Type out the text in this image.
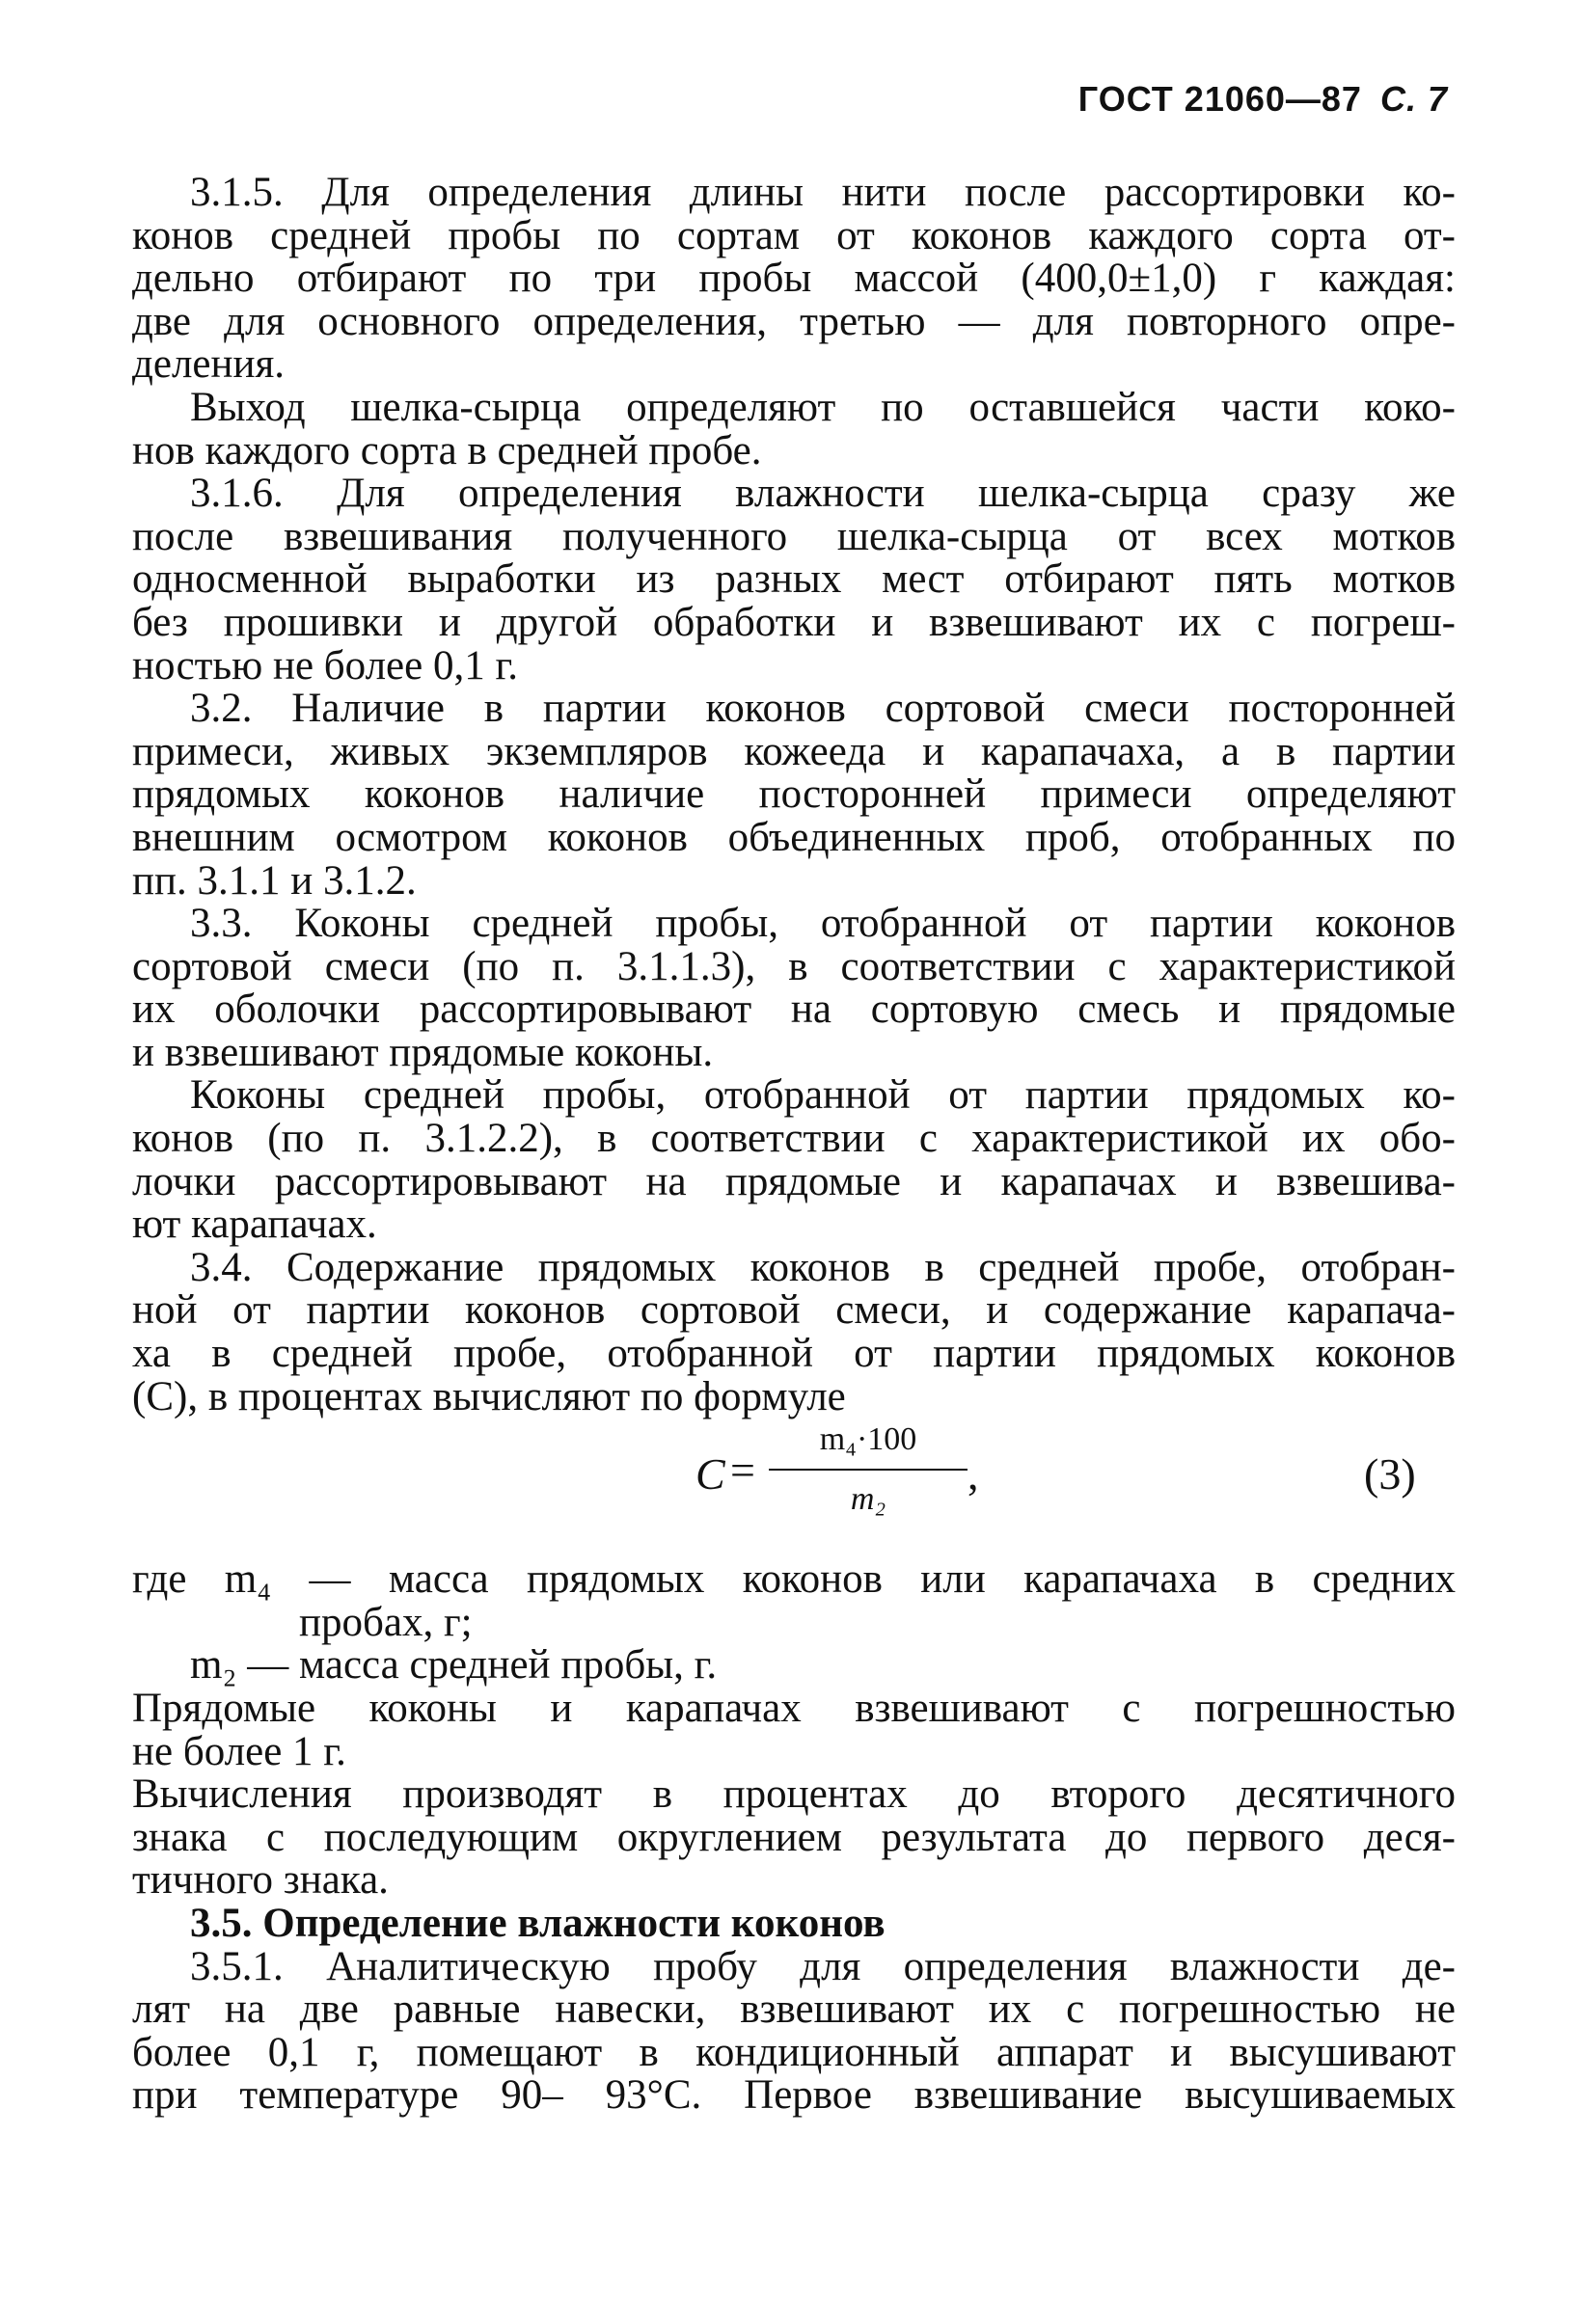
ГОСТ 21060—87 С. 7
3.1.5. Для определения длины нити после рассортировки ко-
конов средней пробы по сортам от коконов каждого сорта от-
дельно отбирают по три пробы массой (400,0±1,0) г каждая:
две для основного определения, третью — для повторного опре-
деления.
Выход шелка-сырца определяют по оставшейся части коко-
нов каждого сорта в средней пробе.
3.1.6. Для определения влажности шелка-сырца сразу же
после взвешивания полученного шелка-сырца от всех мотков
односменной выработки из разных мест отбирают пять мотков
без прошивки и другой обработки и взвешивают их с погреш-
ностью не более 0,1 г.
3.2. Наличие в партии коконов сортовой смеси посторонней
примеси, живых экземпляров кожееда и карапачаха, а в партии
прядомых коконов наличие посторонней примеси определяют
внешним осмотром коконов объединенных проб, отобранных по
пп. 3.1.1 и 3.1.2.
3.3. Коконы средней пробы, отобранной от партии коконов
сортовой смеси (по п. 3.1.1.3), в соответствии с характеристикой
их оболочки рассортировывают на сортовую смесь и прядомые
и взвешивают прядомые коконы.
Коконы средней пробы, отобранной от партии прядомых ко-
конов (по п. 3.1.2.2), в соответствии с характеристикой их обо-
лочки рассортировывают на прядомые и карапачах и взвешива-
ют карапачах.
3.4. Содержание прядомых коконов в средней пробе, отобран-
ной от партии коконов сортовой смеси, и содержание карапача-
ха в средней пробе, отобранной от партии прядомых коконов
(C), в процентах вычисляют по формуле
C =
m₄·100
m₂
,	(3)
где m₄ — масса прядомых коконов или карапачаха в средних
пробах, г;
m₂ — масса средней пробы, г.
Прядомые коконы и карапачах взвешивают с погрешностью
не более 1 г.
Вычисления производят в процентах до второго десятичного
знака с последующим округлением результата до первого деся-
тичного знака.
3.5. Определение влажности коконов
3.5.1. Аналитическую пробу для определения влажности де-
лят на две равные навески, взвешивают их с погрешностью не
более 0,1 г, помещают в кондиционный аппарат и высушивают
при температуре 90– 93°С. Первое взвешивание высушиваемых
